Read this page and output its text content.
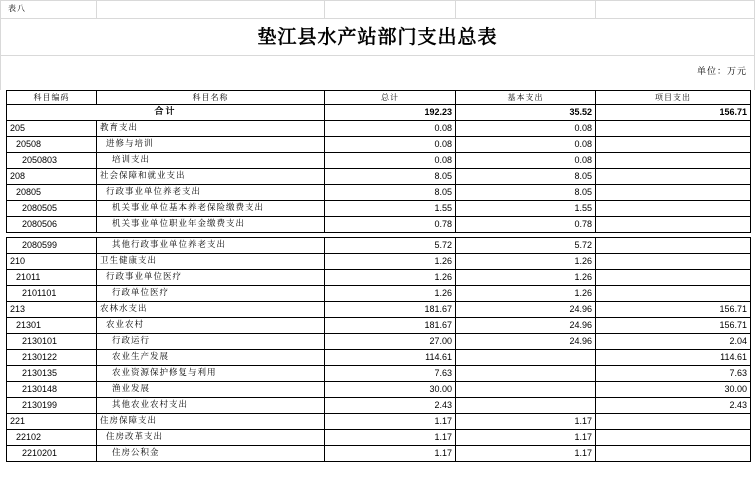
表八
垫江县水产站部门支出总表
单位：万元
科目编码	科目名称	总计	基本支出	项目支出
合计		192.23	35.52	156.71
205	教育支出	0.08	0.08	
20508	进修与培训	0.08	0.08	
2050803	培训支出	0.08	0.08	
208	社会保障和就业支出	8.05	8.05	
20805	行政事业单位养老支出	8.05	8.05	
2080505	机关事业单位基本养老保险缴费支出	1.55	1.55	
2080506	机关事业单位职业年金缴费支出	0.78	0.78	

2080599	其他行政事业单位养老支出	5.72	5.72	
210	卫生健康支出	1.26	1.26	
21011	行政事业单位医疗	1.26	1.26	
2101101	行政单位医疗	1.26	1.26	
213	农林水支出	181.67	24.96	156.71
21301	农业农村	181.67	24.96	156.71
2130101	行政运行	27.00	24.96	2.04
2130122	农业生产发展	114.61		114.61
2130135	农业资源保护修复与利用	7.63		7.63
2130148	渔业发展	30.00		30.00
2130199	其他农业农村支出	2.43		2.43
221	住房保障支出	1.17	1.17	
22102	住房改革支出	1.17	1.17	
2210201	住房公积金	1.17	1.17	
